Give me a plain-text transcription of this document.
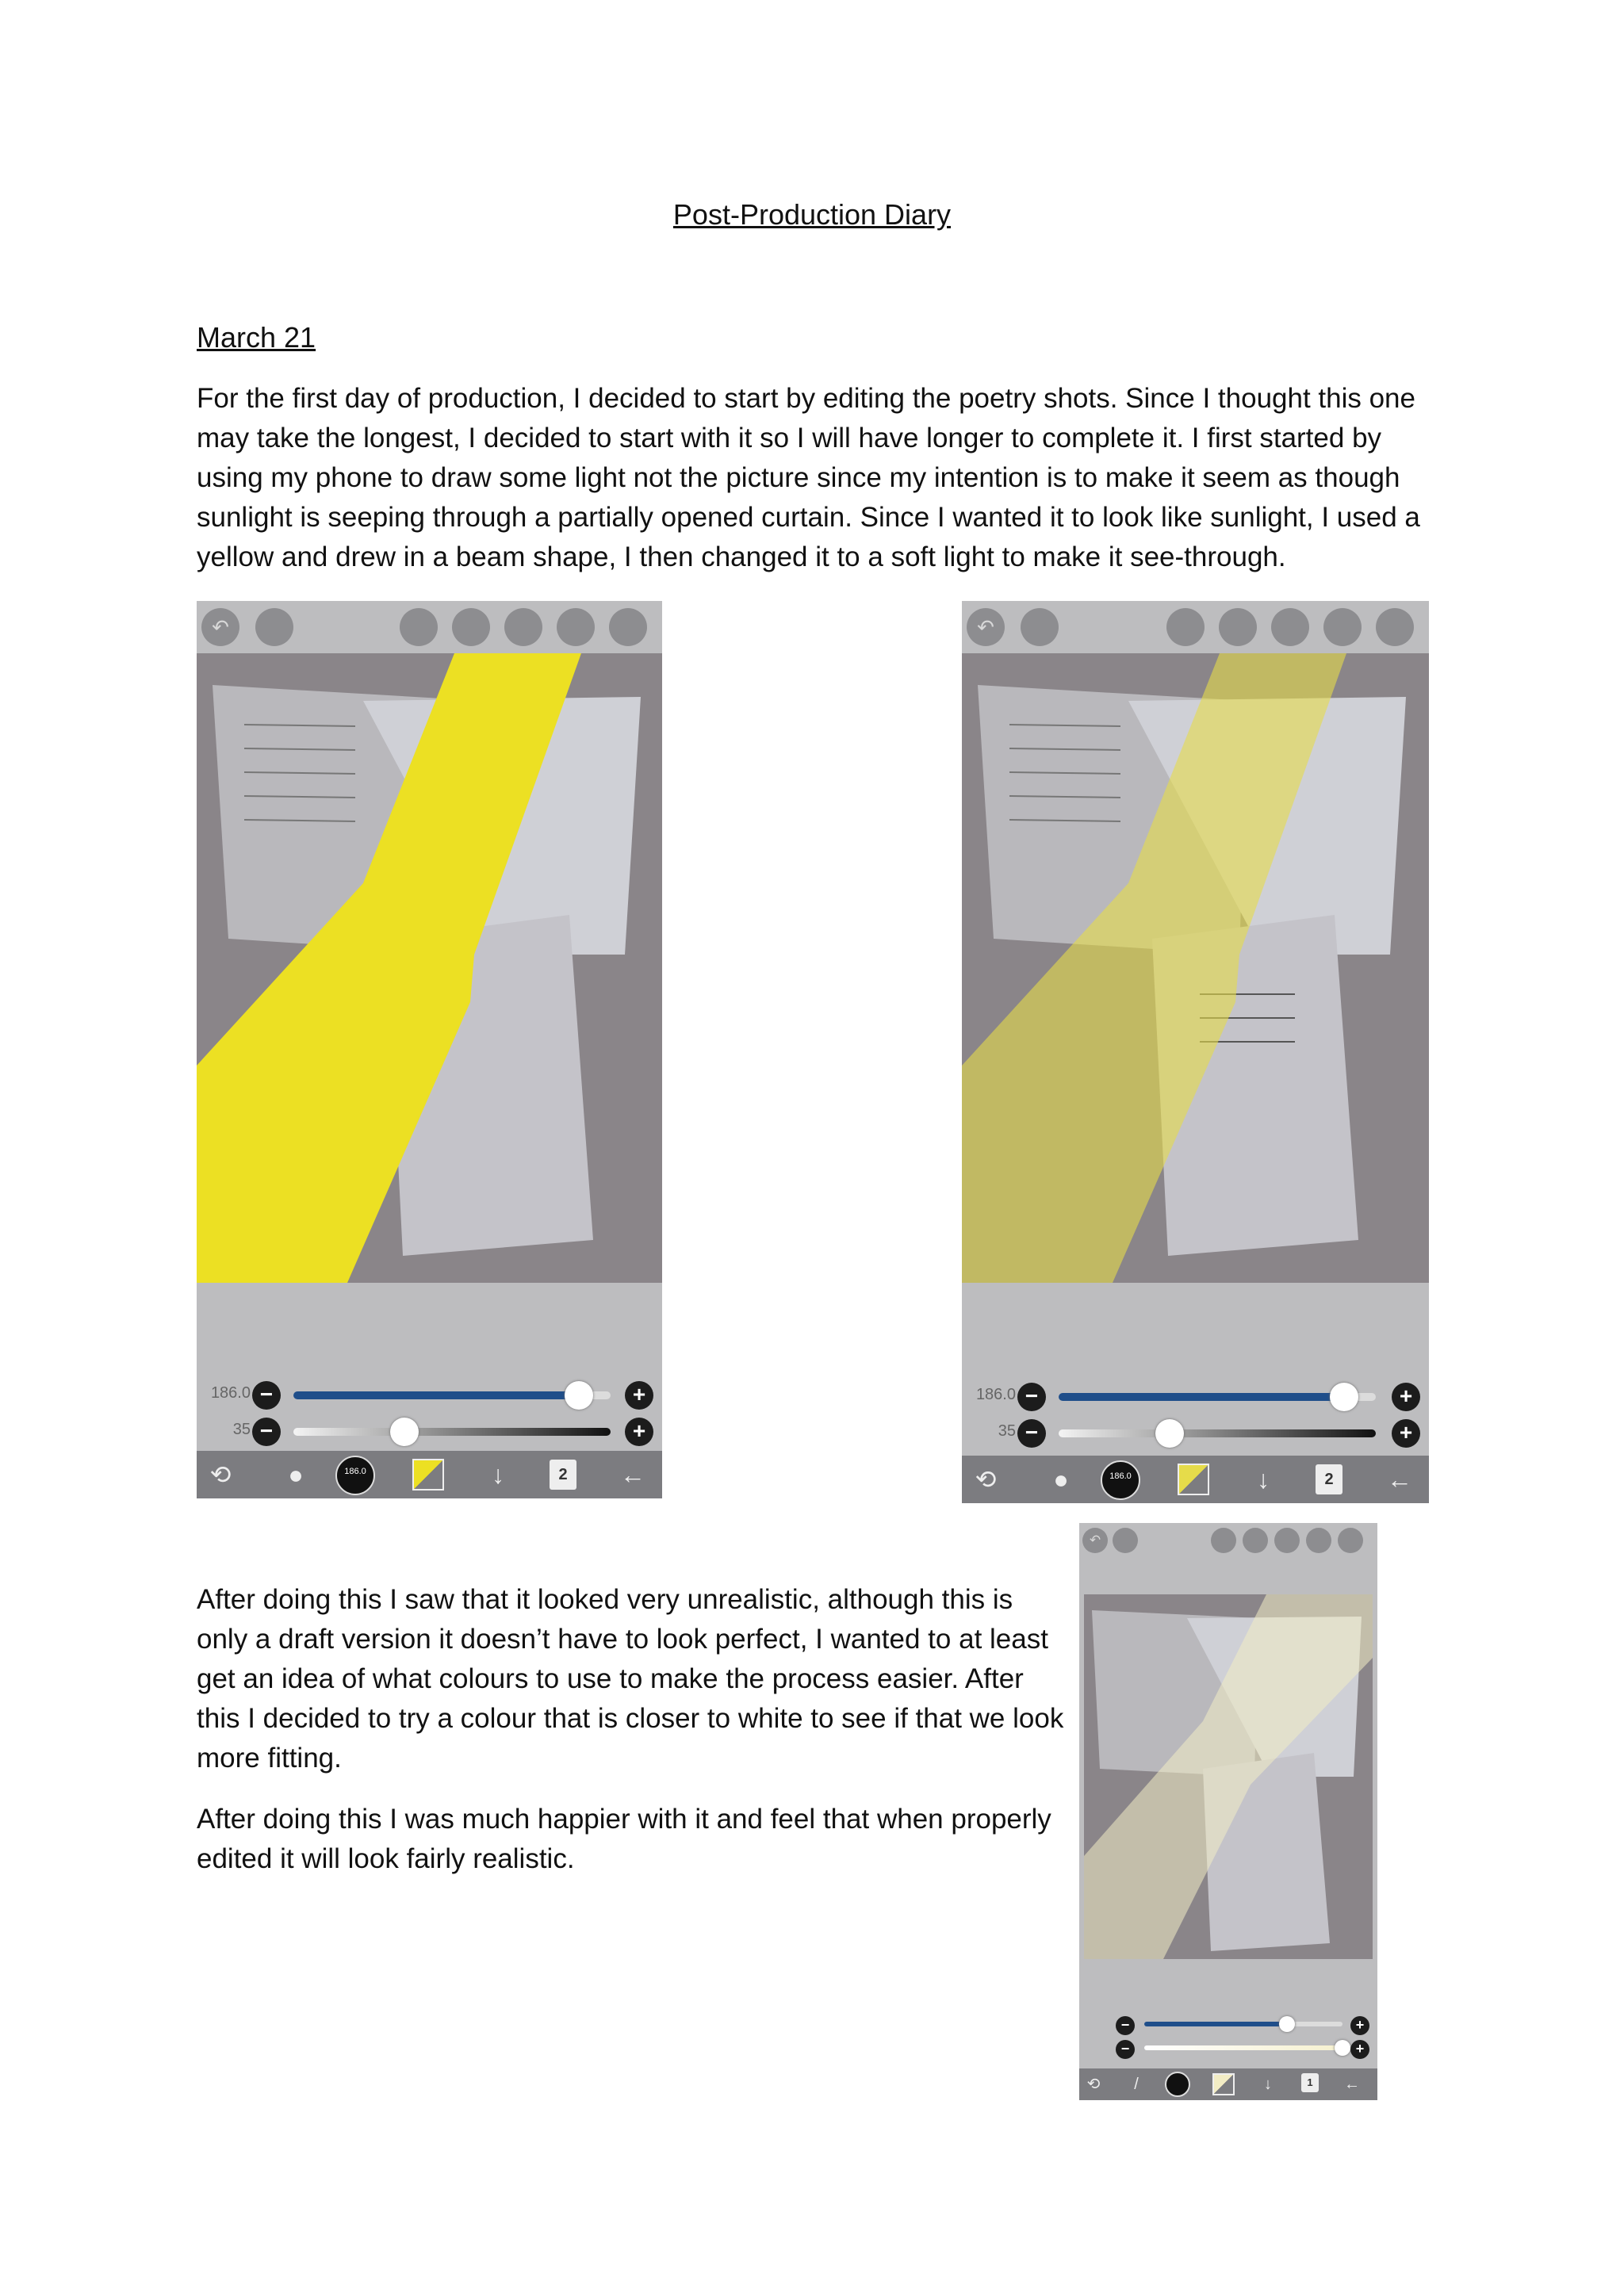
Post-Production Diary
March 21

For the first day of production, I decided to start by editing the poetry shots. Since I thought this one may take the longest, I decided to start with it so I will have longer to complete it. I first started by using my phone to draw some light not the picture since my intention is to make it seem as though sunlight is seeping through a partially opened curtain. Since I wanted it to look like sunlight, I used a yellow and drew in a beam shape, I then changed it to a soft light to make it see-through.

After doing this I saw that it looked very unrealistic, although this is only a draft version it doesn’t have to look perfect, I wanted to at least get an idea of what colours to use to make the process easier. After this I decided to try a colour that is closer to white to see if that we look more fitting.

After doing this I was much happier with it and feel that when properly edited it will look fairly realistic.

↶
186.0 −	+
35 −	+
⟲	●	186.0	↓	2	←
↶
186.0 −	+
35 −	+
⟲	●	186.0	↓	2	←
↶
−	+
−	+
⟲	/	↓	1	←
